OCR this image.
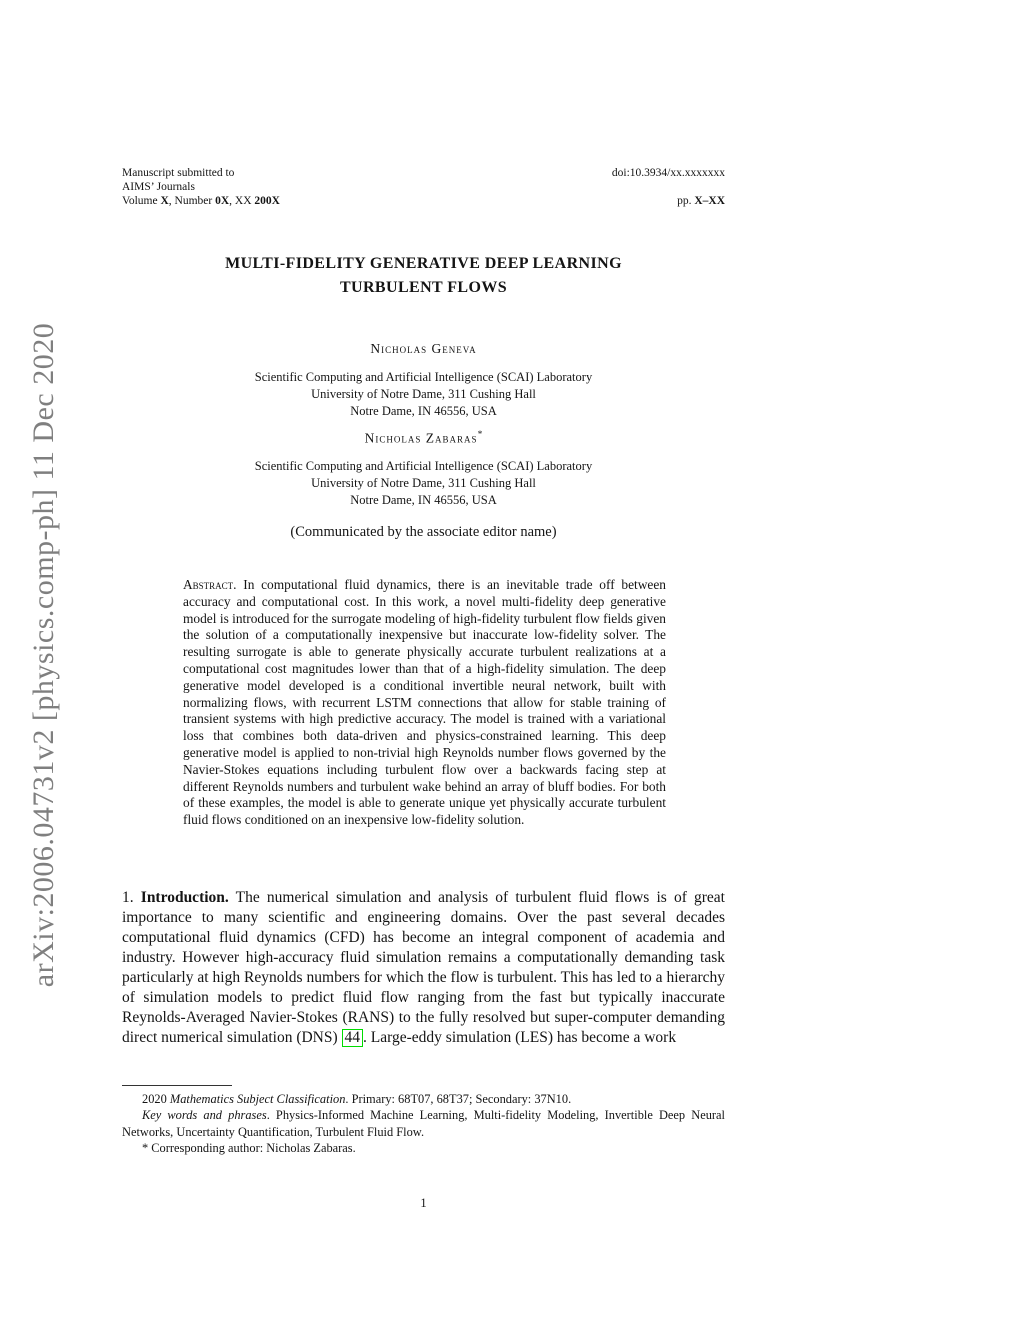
arXiv:2006.04731v2 [physics.comp-ph] 11 Dec 2020
Manuscript submitted to
AIMS’ Journals
Volume X, Number 0X, XX 200X
doi:10.3934/xx.xxxxxxx
pp. X–XX
MULTI-FIDELITY GENERATIVE DEEP LEARNING
TURBULENT FLOWS
Nicholas Geneva
Scientific Computing and Artificial Intelligence (SCAI) Laboratory
University of Notre Dame, 311 Cushing Hall
Notre Dame, IN 46556, USA
Nicholas Zabaras*
Scientific Computing and Artificial Intelligence (SCAI) Laboratory
University of Notre Dame, 311 Cushing Hall
Notre Dame, IN 46556, USA
(Communicated by the associate editor name)
Abstract. In computational fluid dynamics, there is an inevitable trade off between accuracy and computational cost. In this work, a novel multi-fidelity deep generative model is introduced for the surrogate modeling of high-fidelity turbulent flow fields given the solution of a computationally inexpensive but inaccurate low-fidelity solver. The resulting surrogate is able to generate physically accurate turbulent realizations at a computational cost magnitudes lower than that of a high-fidelity simulation. The deep generative model developed is a conditional invertible neural network, built with normalizing flows, with recurrent LSTM connections that allow for stable training of transient systems with high predictive accuracy. The model is trained with a variational loss that combines both data-driven and physics-constrained learning. This deep generative model is applied to non-trivial high Reynolds number flows governed by the Navier-Stokes equations including turbulent flow over a backwards facing step at different Reynolds numbers and turbulent wake behind an array of bluff bodies. For both of these examples, the model is able to generate unique yet physically accurate turbulent fluid flows conditioned on an inexpensive low-fidelity solution.
1. Introduction. The numerical simulation and analysis of turbulent fluid flows is of great importance to many scientific and engineering domains. Over the past several decades computational fluid dynamics (CFD) has become an integral component of academia and industry. However high-accuracy fluid simulation remains a computationally demanding task particularly at high Reynolds numbers for which the flow is turbulent. This has led to a hierarchy of simulation models to predict fluid flow ranging from the fast but typically inaccurate Reynolds-Averaged Navier-Stokes (RANS) to the fully resolved but super-computer demanding direct numerical simulation (DNS) 44 . Large-eddy simulation (LES) has become a work

2020 Mathematics Subject Classification. Primary: 68T07, 68T37; Secondary: 37N10.

Key words and phrases. Physics-Informed Machine Learning, Multi-fidelity Modeling, Invertible Deep Neural Networks, Uncertainty Quantification, Turbulent Fluid Flow.

* Corresponding author: Nicholas Zabaras.

1
